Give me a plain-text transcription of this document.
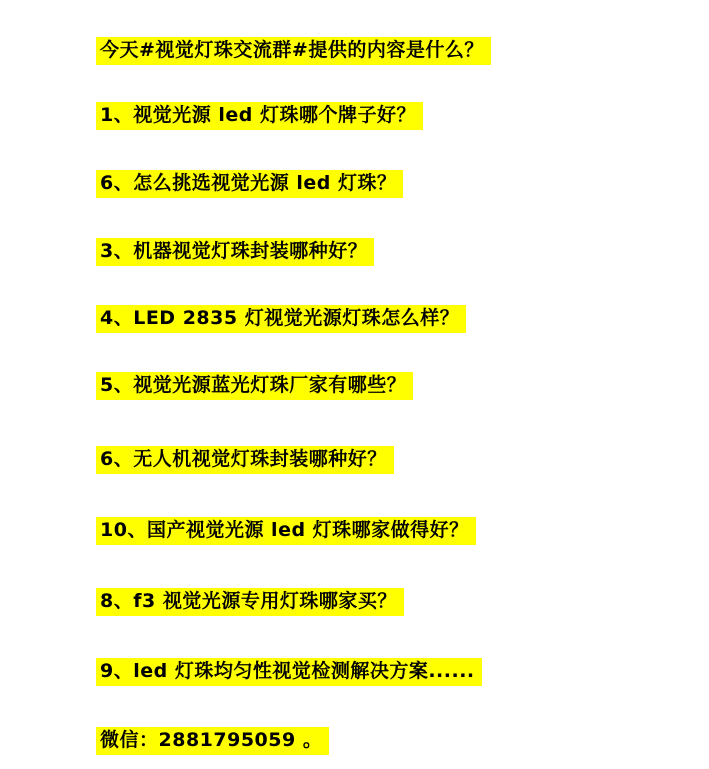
今天#视觉灯珠交流群#提供的内容是什么？
1、视觉光源 led 灯珠哪个牌子好？
6、怎么挑选视觉光源 led 灯珠？
3、机器视觉灯珠封装哪种好？
4、LED 2835 灯视觉光源灯珠怎么样？
5、视觉光源蓝光灯珠厂家有哪些？
6、无人机视觉灯珠封装哪种好？
10、国产视觉光源 led 灯珠哪家做得好？
8、f3 视觉光源专用灯珠哪家买？
9、led 灯珠均匀性视觉检测解决方案......
微信：2881795059 。
